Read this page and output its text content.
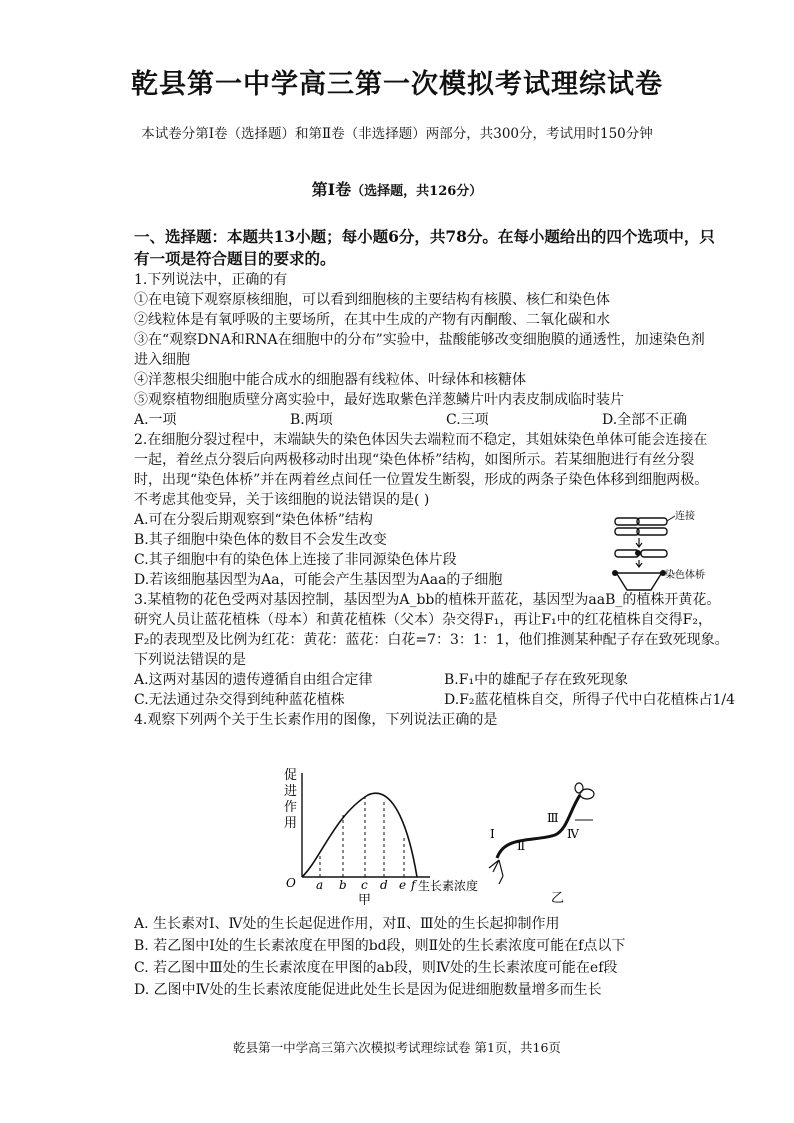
乾县第一中学高三第一次模拟考试理综试卷
本试卷分第Ⅰ卷（选择题）和第Ⅱ卷（非选择题）两部分，共300分，考试用时150分钟
第Ⅰ卷（选择题，共126分）
一、选择题：本题共13小题；每小题6分，共78分。在每小题给出的四个选项中，只
有一项是符合题目的要求的。
1.下列说法中，正确的有
①在电镜下观察原核细胞，可以看到细胞核的主要结构有核膜、核仁和染色体
②线粒体是有氧呼吸的主要场所，在其中生成的产物有丙酮酸、二氧化碳和水
③在“观察DNA和RNA在细胞中的分布”实验中，盐酸能够改变细胞膜的通透性，加速染色剂
进入细胞
④洋葱根尖细胞中能合成水的细胞器有线粒体、叶绿体和核糖体
⑤观察植物细胞质壁分离实验中，最好选取紫色洋葱鳞片叶内表皮制成临时装片
A.一项	B.两项	C.三项	D.全部不正确
2.在细胞分裂过程中，末端缺失的染色体因失去端粒而不稳定，其姐妹染色单体可能会连接在
一起，着丝点分裂后向两极移动时出现“染色体桥”结构，如图所示。若某细胞进行有丝分裂
时，出现“染色体桥”并在两着丝点间任一位置发生断裂，形成的两条子染色体移到细胞两极。
不考虑其他变异，关于该细胞的说法错误的是( )
A.可在分裂后期观察到“染色体桥”结构
B.其子细胞中染色体的数目不会发生改变
C.其子细胞中有的染色体上连接了非同源染色体片段
D.若该细胞基因型为Aa，可能会产生基因型为Aaa的子细胞
3.某植物的花色受两对基因控制，基因型为A_bb的植株开蓝花，基因型为aaB_的植株开黄花。
研究人员让蓝花植株（母本）和黄花植株（父本）杂交得F₁，再让F₁中的红花植株自交得F₂，
F₂的表现型及比例为红花：黄花：蓝花：白花=7：3：1：1，他们推测某种配子存在致死现象。
下列说法错误的是
A.这两对基因的遗传遵循自由组合定律	B.F₁中的雄配子存在致死现象
C.无法通过杂交得到纯种蓝花植株	D.F₂蓝花植株自交，所得子代中白花植株占1/4
4.观察下列两个关于生长素作用的图像，下列说法正确的是
连接
染色体桥
促
进
作
用
O a b c d e f 生长素浓度
甲
Ⅰ
Ⅱ
Ⅲ
Ⅳ
乙
A. 生长素对Ⅰ、Ⅳ处的生长起促进作用，对Ⅱ、Ⅲ处的生长起抑制作用
B. 若乙图中Ⅰ处的生长素浓度在甲图的bd段，则Ⅱ处的生长素浓度可能在f点以下
C. 若乙图中Ⅲ处的生长素浓度在甲图的ab段，则Ⅳ处的生长素浓度可能在ef段
D. 乙图中Ⅳ处的生长素浓度能促进此处生长是因为促进细胞数量增多而生长
乾县第一中学高三第六次模拟考试理综试卷 第1页，共16页
